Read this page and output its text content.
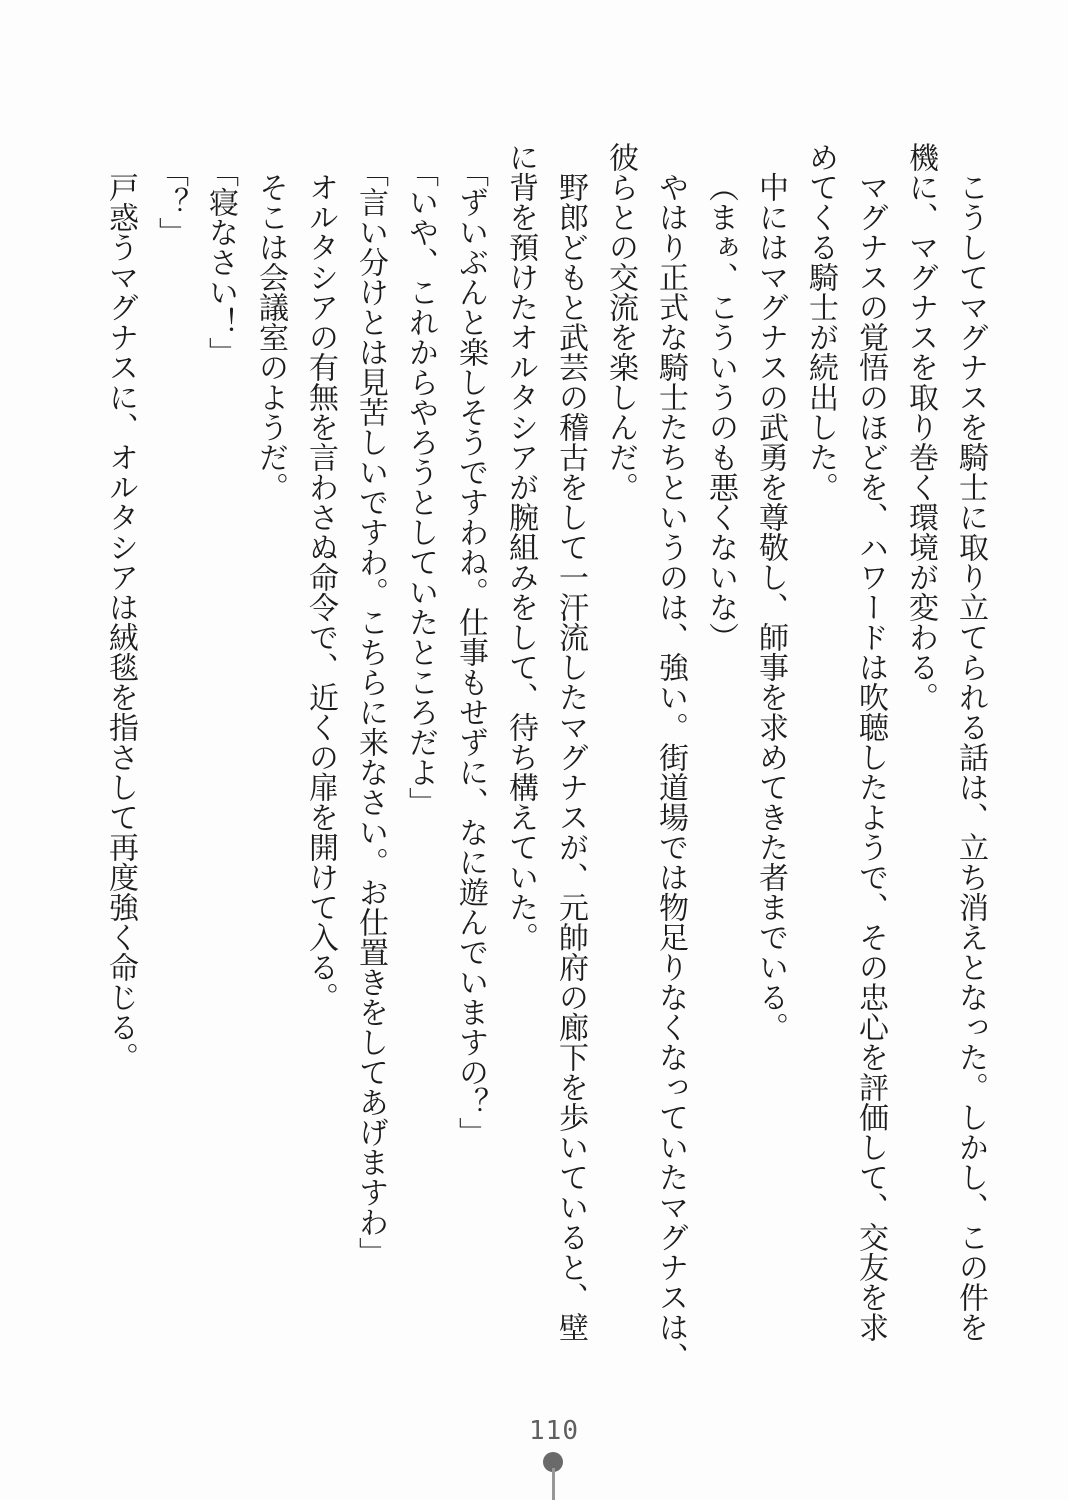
こうしてマグナスを騎士に取り立てられる話は、立ち消えとなった。しかし、この件を
機に、マグナスを取り巻く環境が変わる。
マグナスの覚悟のほどを、ハワードは吹聴したようで、その忠心を評価して、交友を求
めてくる騎士が続出した。
中にはマグナスの武勇を尊敬し、師事を求めてきた者までいる。
（まぁ、こういうのも悪くないな）
やはり正式な騎士たちというのは、強い。街道場では物足りなくなっていたマグナスは、
彼らとの交流を楽しんだ。
野郎どもと武芸の稽古をして一汗流したマグナスが、元帥府の廊下を歩いていると、壁
に背を預けたオルタシアが腕組みをして、待ち構えていた。
「ずいぶんと楽しそうですわね。仕事もせずに、なに遊んでいますの？」
「いや、これからやろうとしていたところだよ」
「言い分けとは見苦しいですわ。こちらに来なさい。お仕置きをしてあげますわ」
オルタシアの有無を言わさぬ命令で、近くの扉を開けて入る。
そこは会議室のようだ。
「寝なさい！」
「？」
戸惑うマグナスに、オルタシアは絨毯を指さして再度強く命じる。
110
